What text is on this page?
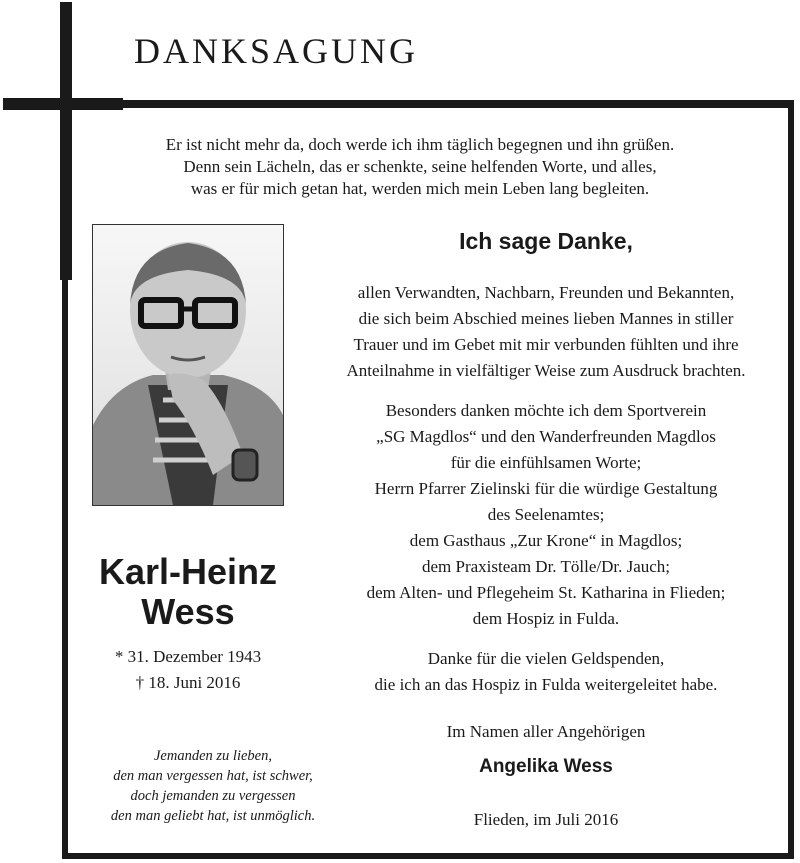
DANKSAGUNG
Er ist nicht mehr da, doch werde ich ihm täglich begegnen und ihn grüßen.
Denn sein Lächeln, das er schenkte, seine helfenden Worte, und alles,
was er für mich getan hat, werden mich mein Leben lang begleiten.
Karl-Heinz
Wess
* 31. Dezember 1943
† 18. Juni 2016
Jemanden zu lieben,
den man vergessen hat, ist schwer,
doch jemanden zu vergessen
den man geliebt hat, ist unmöglich.
Ich sage Danke,
allen Verwandten, Nachbarn, Freunden und Bekannten,
die sich beim Abschied meines lieben Mannes in stiller
Trauer und im Gebet mit mir verbunden fühlten und ihre
Anteilnahme in vielfältiger Weise zum Ausdruck brachten.
Besonders danken möchte ich dem Sportverein
„SG Magdlos“ und den Wanderfreunden Magdlos
für die einfühlsamen Worte;
Herrn Pfarrer Zielinski für die würdige Gestaltung
des Seelenamtes;
dem Gasthaus „Zur Krone“ in Magdlos;
dem Praxisteam Dr. Tölle/Dr. Jauch;
dem Alten- und Pflegeheim St. Katharina in Flieden;
dem Hospiz in Fulda.
Danke für die vielen Geldspenden,
die ich an das Hospiz in Fulda weitergeleitet habe.
Im Namen aller Angehörigen
Angelika Wess
Flieden, im Juli 2016
